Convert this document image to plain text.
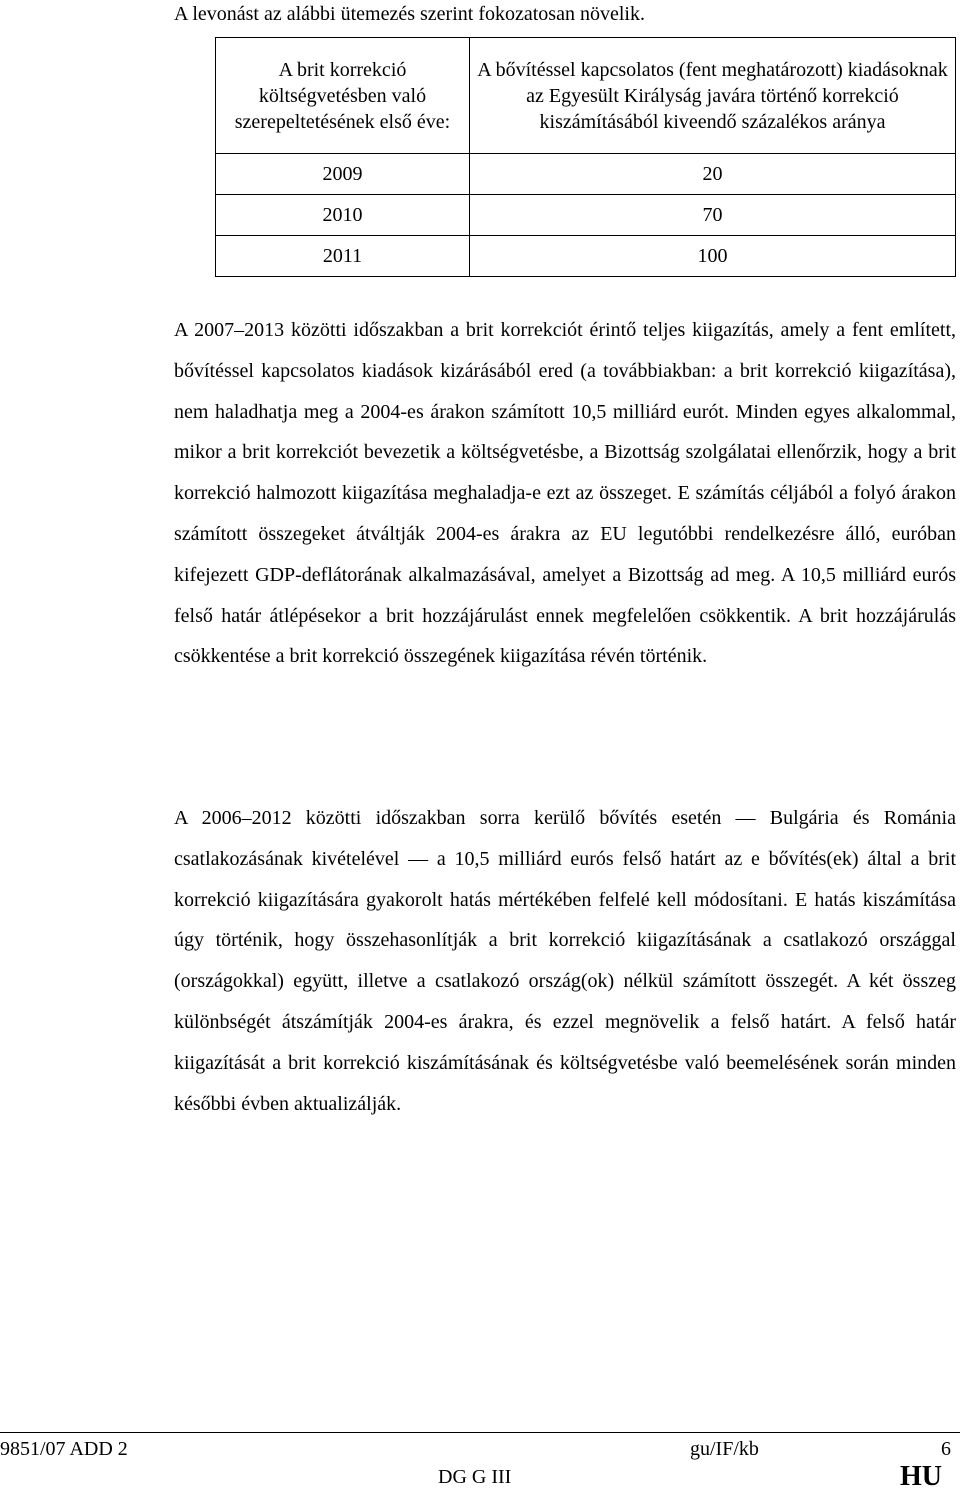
A levonást az alábbi ütemezés szerint fokozatosan növelik.
A brit korrekció költségvetésben való szerepeltetésének első éve:	A bővítéssel kapcsolatos (fent meghatározott) kiadásoknak az Egyesült Királyság javára történő korrekció kiszámításából kiveendő százalékos aránya
2009	20
2010	70
2011	100

A 2007–2013 közötti időszakban a brit korrekciót érintő teljes kiigazítás, amely a fent említett, bővítéssel kapcsolatos kiadások kizárásából ered (a továbbiakban: a brit korrekció kiigazítása), nem haladhatja meg a 2004-es árakon számított 10,5 milliárd eurót. Minden egyes alkalommal, mikor a brit korrekciót bevezetik a költségvetésbe, a Bizottság szolgálatai ellenőrzik, hogy a brit korrekció halmozott kiigazítása meghaladja-e ezt az összeget. E számítás céljából a folyó árakon számított összegeket átváltják 2004-es árakra az EU legutóbbi rendelkezésre álló, euróban kifejezett GDP-deflátorának alkalmazásával, amelyet a Bizottság ad meg. A 10,5 milliárd eurós felső határ átlépésekor a brit hozzájárulást ennek megfelelően csökkentik. A brit hozzájárulás csökkentése a brit korrekció összegének kiigazítása révén történik.

A 2006–2012 közötti időszakban sorra kerülő bővítés esetén — Bulgária és Románia csatlakozásának kivételével — a 10,5 milliárd eurós felső határt az e bővítés(ek) által a brit korrekció kiigazítására gyakorolt hatás mértékében felfelé kell módosítani. E hatás kiszámítása úgy történik, hogy összehasonlítják a brit korrekció kiigazításának a csatlakozó országgal (országokkal) együtt, illetve a csatlakozó ország(ok) nélkül számított összegét. A két összeg különbségét átszámítják 2004-es árakra, és ezzel megnövelik a felső határt. A felső határ kiigazítását a brit korrekció kiszámításának és költségvetésbe való beemelésének során minden későbbi évben aktualizálják.

9851/07 ADD 2	gu/IF/kb	6
DG G III	HU
